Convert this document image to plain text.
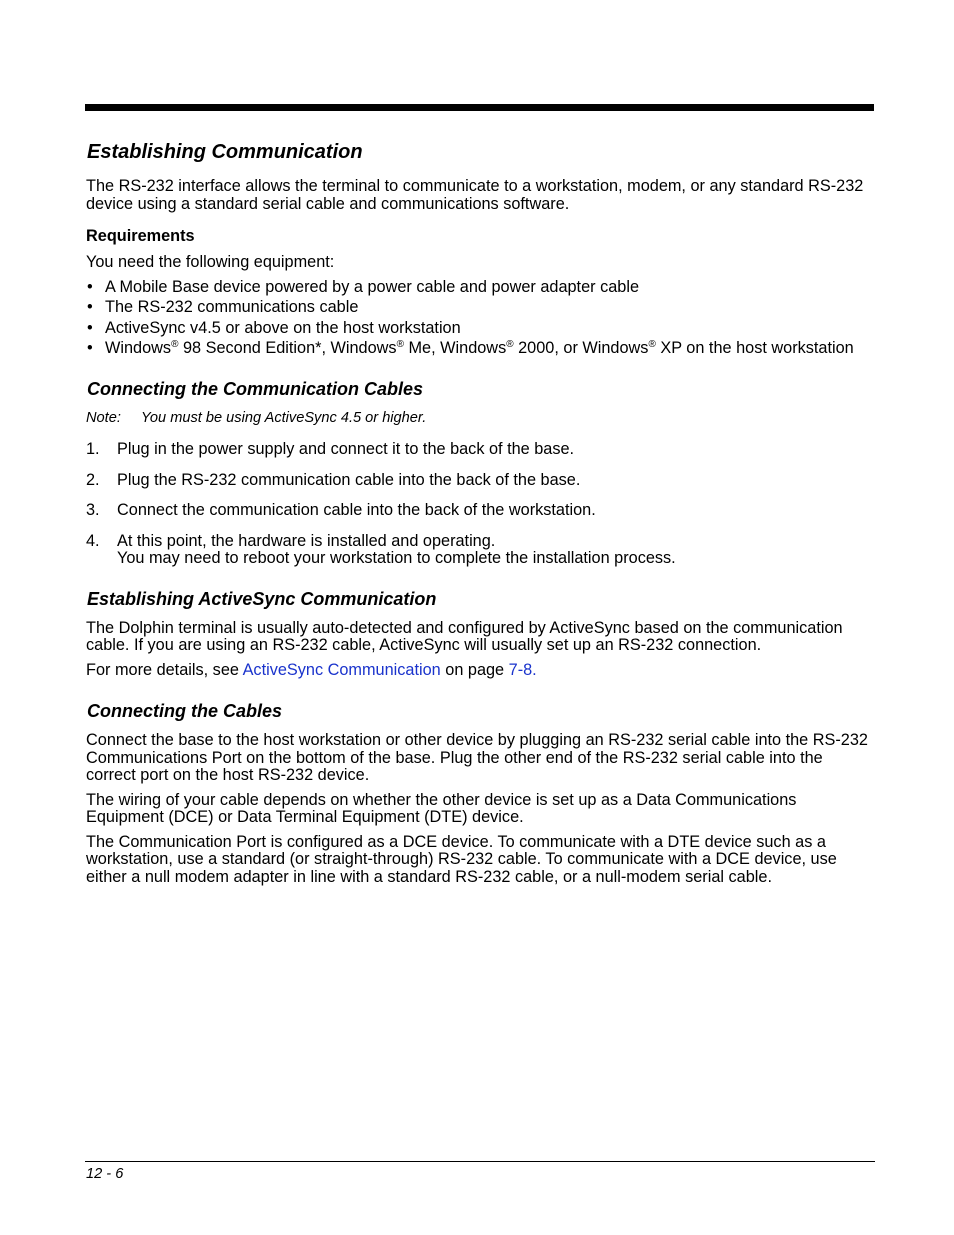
Establishing Communication

The RS-232 interface allows the terminal to communicate to a workstation, modem, or any standard RS-232 device using a standard serial cable and communications software.

Requirements

You need the following equipment:

• A Mobile Base device powered by a power cable and power adapter cable
• The RS-232 communications cable
• ActiveSync v4.5 or above on the host workstation
• Windows® 98 Second Edition*, Windows® Me, Windows® 2000, or Windows® XP on the host workstation
Connecting the Communication Cables
Note:	You must be using ActiveSync 4.5 or higher.
1.	Plug in the power supply and connect it to the back of the base.
2.	Plug the RS-232 communication cable into the back of the base.
3.	Connect the communication cable into the back of the workstation.
4.	At this point, the hardware is installed and operating.
You may need to reboot your workstation to complete the installation process.
Establishing ActiveSync Communication

The Dolphin terminal is usually auto-detected and configured by ActiveSync based on the communication cable. If you are using an RS-232 cable, ActiveSync will usually set up an RS-232 connection.

For more details, see ActiveSync Communication on page 7-8.

Connecting the Cables

Connect the base to the host workstation or other device by plugging an RS-232 serial cable into the RS-232 Communications Port on the bottom of the base. Plug the other end of the RS-232 serial cable into the correct port on the host RS-232 device.

The wiring of your cable depends on whether the other device is set up as a Data Communications Equipment (DCE) or Data Terminal Equipment (DTE) device.

The Communication Port is configured as a DCE device. To communicate with a DTE device such as a workstation, use a standard (or straight-through) RS-232 cable. To communicate with a DCE device, use either a null modem adapter in line with a standard RS-232 cable, or a null-modem serial cable.

12 - 6
